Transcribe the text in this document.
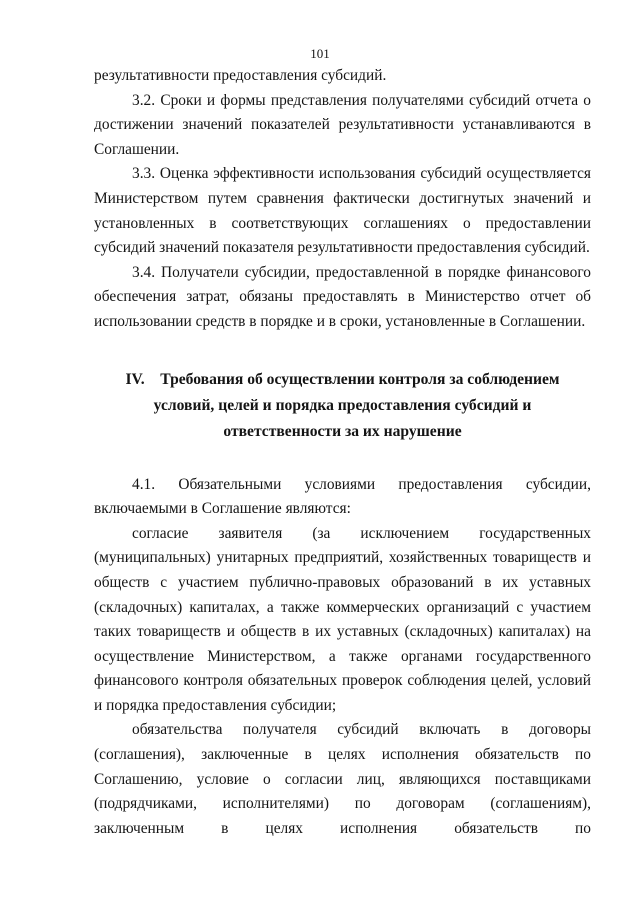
101

результативности предоставления субсидий.

3.2. Сроки и формы представления получателями субсидий отчета о достижении значений показателей результативности устанавливаются в Соглашении.

3.3. Оценка эффективности использования субсидий осуществляется Министерством путем сравнения фактически достигнутых значений и установленных в соответствующих соглашениях о предоставлении субсидий значений показателя результативности предоставления субсидий.

3.4. Получатели субсидии, предоставленной в порядке финансового обеспечения затрат, обязаны предоставлять в Министерство отчет об использовании средств в порядке и в сроки, установленные в Соглашении.

IV. Требования об осуществлении контроля за соблюдением условий, целей и порядка предоставления субсидий и ответственности за их нарушение

4.1. Обязательными условиями предоставления субсидии, включаемыми в Соглашение являются:

согласие заявителя (за исключением государственных (муниципальных) унитарных предприятий, хозяйственных товариществ и обществ с участием публично-правовых образований в их уставных (складочных) капиталах, а также коммерческих организаций с участием таких товариществ и обществ в их уставных (складочных) капиталах) на осуществление Министерством, а также органами государственного финансового контроля обязательных проверок соблюдения целей, условий и порядка предоставления субсидии;

обязательства получателя субсидий включать в договоры (соглашения), заключенные в целях исполнения обязательств по Соглашению, условие о согласии лиц, являющихся поставщиками (подрядчиками, исполнителями) по договорам (соглашениям), заключенным в целях исполнения обязательств по
